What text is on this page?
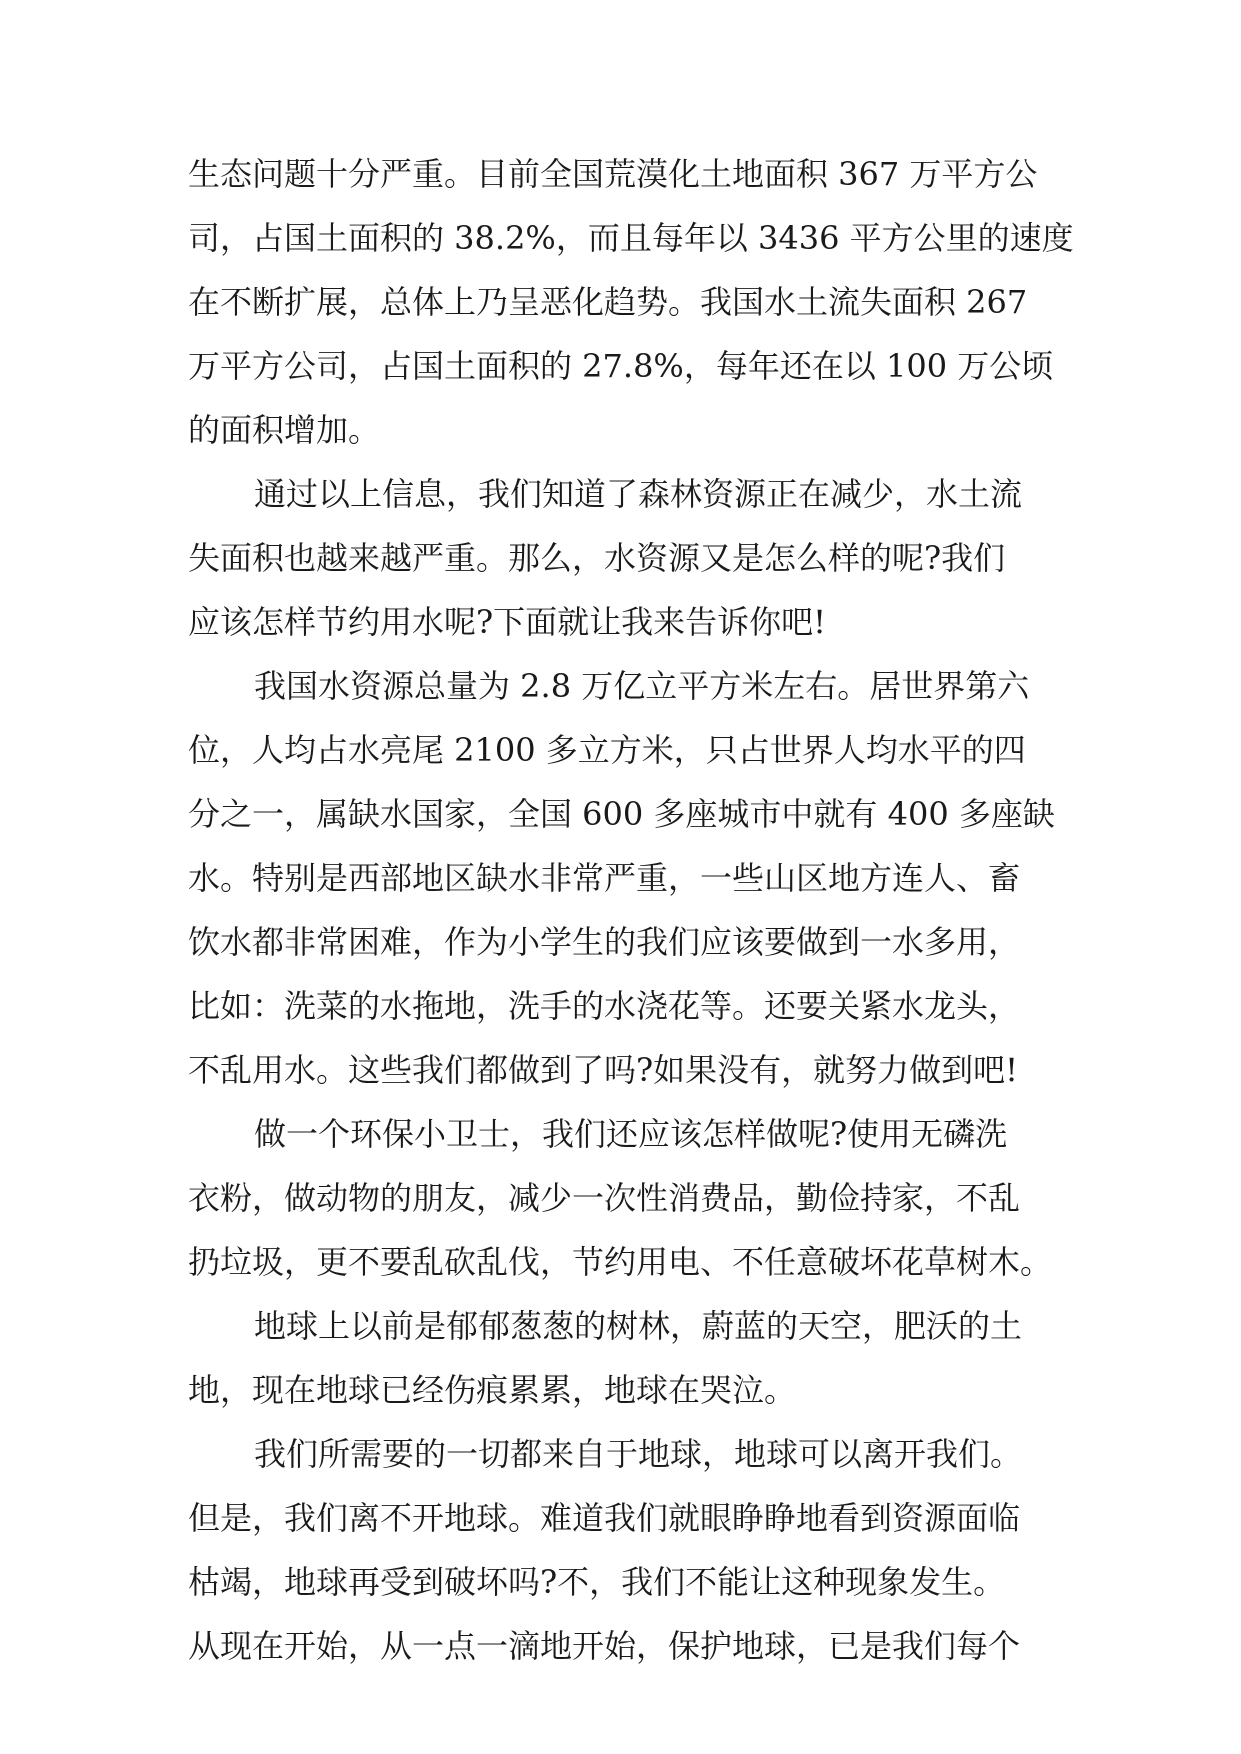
生态问题十分严重。目前全国荒漠化土地面积 367 万平方公
司，占国土面积的 38.2%，而且每年以 3436 平方公里的速度
在不断扩展，总体上乃呈恶化趋势。我国水土流失面积 267
万平方公司，占国土面积的 27.8%，每年还在以 100 万公顷
的面积增加。
通过以上信息，我们知道了森林资源正在减少，水土流
失面积也越来越严重。那么，水资源又是怎么样的呢?我们
应该怎样节约用水呢?下面就让我来告诉你吧!
我国水资源总量为 2.8 万亿立平方米左右。居世界第六
位，人均占水亮尾 2100 多立方米，只占世界人均水平的四
分之一，属缺水国家，全国 600 多座城市中就有 400 多座缺
水。特别是西部地区缺水非常严重，一些山区地方连人、畜
饮水都非常困难，作为小学生的我们应该要做到一水多用，
比如：洗菜的水拖地，洗手的水浇花等。还要关紧水龙头，
不乱用水。这些我们都做到了吗?如果没有，就努力做到吧!
做一个环保小卫士，我们还应该怎样做呢?使用无磷洗
衣粉，做动物的朋友，减少一次性消费品，勤俭持家，不乱
扔垃圾，更不要乱砍乱伐，节约用电、不任意破坏花草树木。
地球上以前是郁郁葱葱的树林，蔚蓝的天空，肥沃的土
地，现在地球已经伤痕累累，地球在哭泣。
我们所需要的一切都来自于地球，地球可以离开我们。
但是，我们离不开地球。难道我们就眼睁睁地看到资源面临
枯竭，地球再受到破坏吗?不，我们不能让这种现象发生。
从现在开始，从一点一滴地开始，保护地球，已是我们每个
